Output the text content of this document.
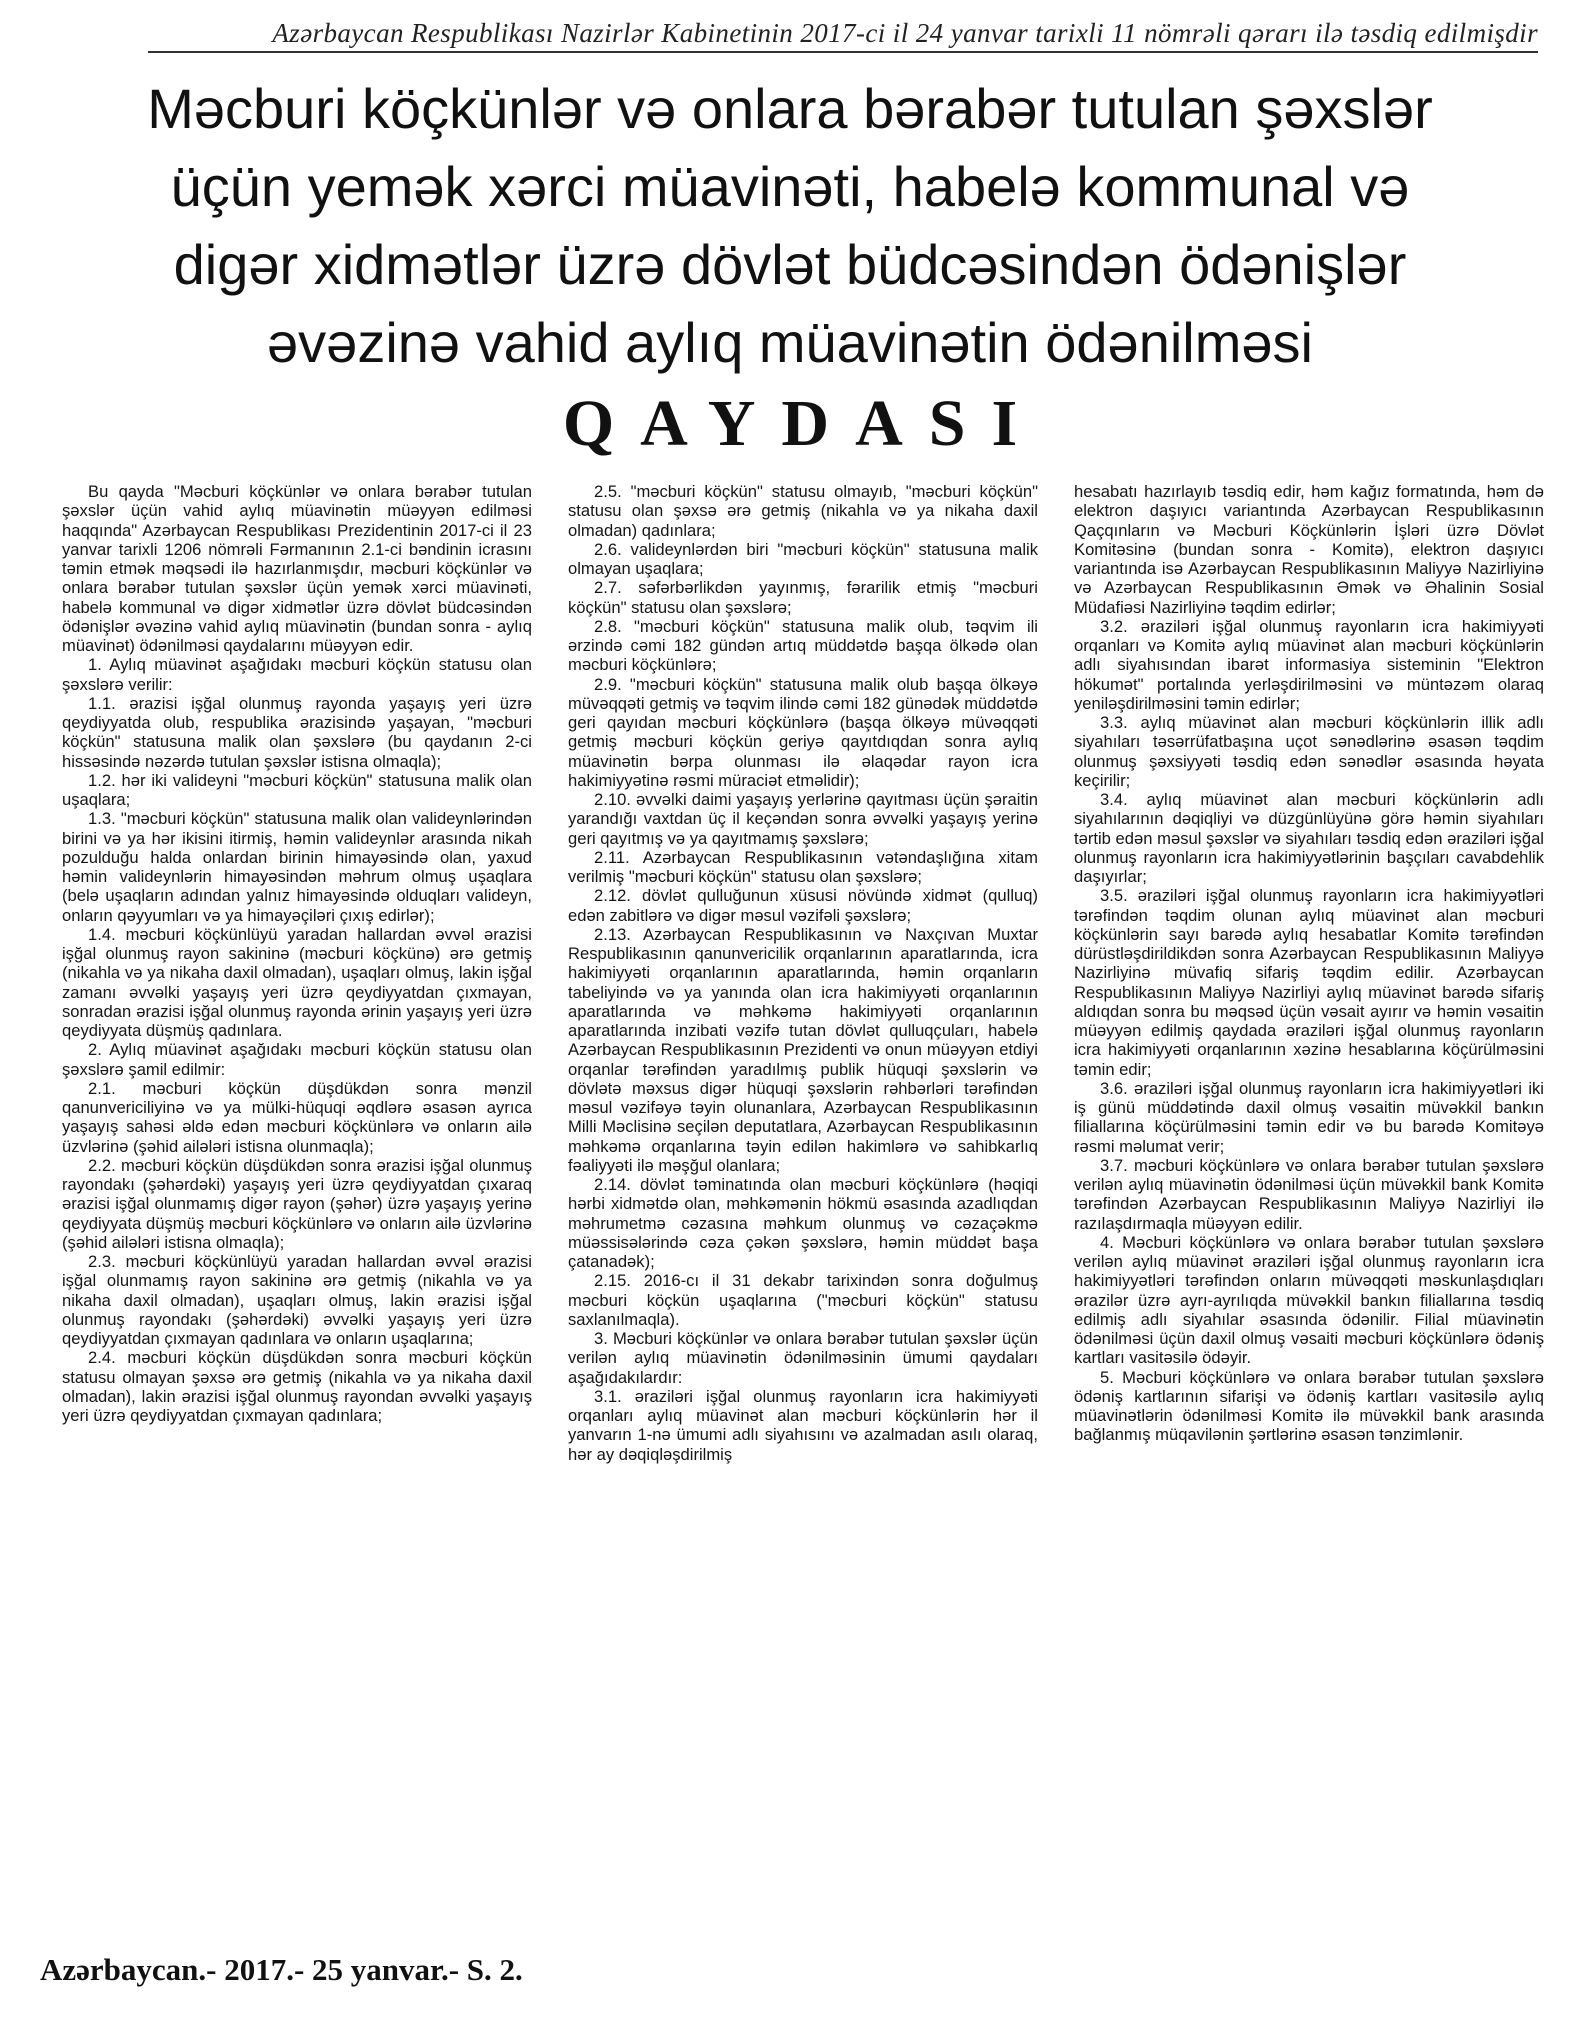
Azərbaycan Respublikası Nazirlər Kabinetinin 2017-ci il 24 yanvar tarixli 11 nömrəli qərarı ilə təsdiq edilmişdir
Məcburi köçkünlər və onlara bərabər tutulan şəxslər
üçün yemək xərci müavinəti, habelə kommunal və
digər xidmətlər üzrə dövlət büdcəsindən ödənişlər
əvəzinə vahid aylıq müavinətin ödənilməsi
QAYDASI

Bu qayda "Məcburi köçkünlər və onlara bərabər tutulan şəxslər üçün vahid aylıq müavinətin müəyyən edilməsi haqqında" Azərbaycan Respublikası Prezidentinin 2017-ci il 23 yanvar tarixli 1206 nömrəli Fərmanının 2.1-ci bəndinin icrasını təmin etmək məqsədi ilə hazırlanmışdır, məcburi köçkünlər və onlara bərabər tutulan şəxslər üçün yemək xərci müavinəti, habelə kommunal və digər xidmətlər üzrə dövlət büdcəsindən ödənişlər əvəzinə vahid aylıq müavinətin (bundan sonra - aylıq müavinət) ödənilməsi qaydalarını müəyyən edir.

1. Aylıq müavinət aşağıdakı məcburi köçkün statusu olan şəxslərə verilir:

1.1. ərazisi işğal olunmuş rayonda yaşayış yeri üzrə qeydiyyatda olub, respublika ərazisində yaşayan, "məcburi köçkün" statusuna malik olan şəxslərə (bu qaydanın 2-ci hissəsində nəzərdə tutulan şəxslər istisna olmaqla);

1.2. hər iki valideyni "məcburi köçkün" statusuna malik olan uşaqlara;

1.3. "məcburi köçkün" statusuna malik olan valideynlərindən birini və ya hər ikisini itirmiş, həmin valideynlər arasında nikah pozulduğu halda onlardan birinin himayəsində olan, yaxud həmin valideynlərin himayəsindən məhrum olmuş uşaqlara (belə uşaqların adından yalnız himayəsində olduqları valideyn, onların qəyyumları və ya himayəçiləri çıxış edirlər);

1.4. məcburi köçkünlüyü yaradan hallardan əvvəl ərazisi işğal olunmuş rayon sakininə (məcburi köçkünə) ərə getmiş (nikahla və ya nikaha daxil olmadan), uşaqları olmuş, lakin işğal zamanı əvvəlki yaşayış yeri üzrə qeydiyyatdan çıxmayan, sonradan ərazisi işğal olunmuş rayonda ərinin yaşayış yeri üzrə qeydiyyata düşmüş qadınlara.

2. Aylıq müavinət aşağıdakı məcburi köçkün statusu olan şəxslərə şamil edilmir:

2.1. məcburi köçkün düşdükdən sonra mənzil qanunvericiliyinə və ya mülki-hüquqi əqdlərə əsasən ayrıca yaşayış sahəsi əldə edən məcburi köçkünlərə və onların ailə üzvlərinə (şəhid ailələri istisna olunmaqla);

2.2. məcburi köçkün düşdükdən sonra ərazisi işğal olunmuş rayondakı (şəhərdəki) yaşayış yeri üzrə qeydiyyatdan çıxaraq ərazisi işğal olunmamış digər rayon (şəhər) üzrə yaşayış yerinə qeydiyyata düşmüş məcburi köçkünlərə və onların ailə üzvlərinə (şəhid ailələri istisna olmaqla);

2.3. məcburi köçkünlüyü yaradan hallardan əvvəl ərazisi işğal olunmamış rayon sakininə ərə getmiş (nikahla və ya nikaha daxil olmadan), uşaqları olmuş, lakin ərazisi işğal olunmuş rayondakı (şəhərdəki) əvvəlki yaşayış yeri üzrə qeydiyyatdan çıxmayan qadınlara və onların uşaqlarına;

2.4. məcburi köçkün düşdükdən sonra məcburi köçkün statusu olmayan şəxsə ərə getmiş (nikahla və ya nikaha daxil olmadan), lakin ərazisi işğal olunmuş rayondan əvvəlki yaşayış yeri üzrə qeydiyyatdan çıxmayan qadınlara;

2.5. "məcburi köçkün" statusu olmayıb, "məcburi köçkün" statusu olan şəxsə ərə getmiş (nikahla və ya nikaha daxil olmadan) qadınlara;

2.6. valideynlərdən biri "məcburi köçkün" statusuna malik olmayan uşaqlara;

2.7. səfərbərlikdən yayınmış, fərarilik etmiş "məcburi köçkün" statusu olan şəxslərə;

2.8. "məcburi köçkün" statusuna malik olub, təqvim ili ərzində cəmi 182 gündən artıq müddətdə başqa ölkədə olan məcburi köçkünlərə;

2.9. "məcburi köçkün" statusuna malik olub başqa ölkəyə müvəqqəti getmiş və təqvim ilində cəmi 182 günədək müddətdə geri qayıdan məcburi köçkünlərə (başqa ölkəyə müvəqqəti getmiş məcburi köçkün geriyə qayıtdıqdan sonra aylıq müavinətin bərpa olunması ilə əlaqədar rayon icra hakimiyyətinə rəsmi müraciət etməlidir);

2.10. əvvəlki daimi yaşayış yerlərinə qayıtması üçün şəraitin yarandığı vaxtdan üç il keçəndən sonra əvvəlki yaşayış yerinə geri qayıtmış və ya qayıtmamış şəxslərə;

2.11. Azərbaycan Respublikasının vətəndaşlığına xitam verilmiş "məcburi köçkün" statusu olan şəxslərə;

2.12. dövlət qulluğunun xüsusi növündə xidmət (qulluq) edən zabitlərə və digər məsul vəzifəli şəxslərə;

2.13. Azərbaycan Respublikasının və Naxçıvan Muxtar Respublikasının qanunvericilik orqanlarının aparatlarında, icra hakimiyyəti orqanlarının aparatlarında, həmin orqanların tabeliyində və ya yanında olan icra hakimiyyəti orqanlarının aparatlarında və məhkəmə hakimiyyəti orqanlarının aparatlarında inzibati vəzifə tutan dövlət qulluqçuları, habelə Azərbaycan Respublikasının Prezidenti və onun müəyyən etdiyi orqanlar tərəfindən yaradılmış publik hüquqi şəxslərin və dövlətə məxsus digər hüquqi şəxslərin rəhbərləri tərəfindən məsul vəzifəyə təyin olunanlara, Azərbaycan Respublikasının Milli Məclisinə seçilən deputatlara, Azərbaycan Respublikasının məhkəmə orqanlarına təyin edilən hakimlərə və sahibkarlıq fəaliyyəti ilə məşğul olanlara;

2.14. dövlət təminatında olan məcburi köçkünlərə (həqiqi hərbi xidmətdə olan, məhkəmənin hökmü əsasında azadlıqdan məhrumetmə cəzasına məhkum olunmuş və cəzaçəkmə müəssisələrində cəza çəkən şəxslərə, həmin müddət başa çatanadək);

2.15. 2016-cı il 31 dekabr tarixindən sonra doğulmuş məcburi köçkün uşaqlarına ("məcburi köçkün" statusu saxlanılmaqla).

3. Məcburi köçkünlər və onlara bərabər tutulan şəxslər üçün verilən aylıq müavinətin ödənilməsinin ümumi qaydaları aşağıdakılardır:

3.1. əraziləri işğal olunmuş rayonların icra hakimiyyəti orqanları aylıq müavinət alan məcburi köçkünlərin hər il yanvarın 1-nə ümumi adlı siyahısını və azalmadan asılı olaraq, hər ay dəqiqləşdirilmiş

hesabatı hazırlayıb təsdiq edir, həm kağız formatında, həm də elektron daşıyıcı variantında Azərbaycan Respublikasının Qaçqınların və Məcburi Köçkünlərin İşləri üzrə Dövlət Komitəsinə (bundan sonra - Komitə), elektron daşıyıcı variantında isə Azərbaycan Respublikasının Maliyyə Nazirliyinə və Azərbaycan Respublikasının Əmək və Əhalinin Sosial Müdafiəsi Nazirliyinə təqdim edirlər;

3.2. əraziləri işğal olunmuş rayonların icra hakimiyyəti orqanları və Komitə aylıq müavinət alan məcburi köçkünlərin adlı siyahısından ibarət informasiya sisteminin "Elektron hökumət" portalında yerləşdirilməsini və müntəzəm olaraq yeniləşdirilməsini təmin edirlər;

3.3. aylıq müavinət alan məcburi köçkünlərin illik adlı siyahıları təsərrüfatbaşına uçot sənədlərinə əsasən təqdim olunmuş şəxsiyyəti təsdiq edən sənədlər əsasında həyata keçirilir;

3.4. aylıq müavinət alan məcburi köçkünlərin adlı siyahılarının dəqiqliyi və düzgünlüyünə görə həmin siyahıları tərtib edən məsul şəxslər və siyahıları təsdiq edən əraziləri işğal olunmuş rayonların icra hakimiyyətlərinin başçıları cavabdehlik daşıyırlar;

3.5. əraziləri işğal olunmuş rayonların icra hakimiyyətləri tərəfindən təqdim olunan aylıq müavinət alan məcburi köçkünlərin sayı barədə aylıq hesabatlar Komitə tərəfindən dürüstləşdirildikdən sonra Azərbaycan Respublikasının Maliyyə Nazirliyinə müvafiq sifariş təqdim edilir. Azərbaycan Respublikasının Maliyyə Nazirliyi aylıq müavinət barədə sifariş aldıqdan sonra bu məqsəd üçün vəsait ayırır və həmin vəsaitin müəyyən edilmiş qaydada əraziləri işğal olunmuş rayonların icra hakimiyyəti orqanlarının xəzinə hesablarına köçürülməsini təmin edir;

3.6. əraziləri işğal olunmuş rayonların icra hakimiyyətləri iki iş günü müddətində daxil olmuş vəsaitin müvəkkil bankın filiallarına köçürülməsini təmin edir və bu barədə Komitəyə rəsmi məlumat verir;

3.7. məcburi köçkünlərə və onlara bərabər tutulan şəxslərə verilən aylıq müavinətin ödənilməsi üçün müvəkkil bank Komitə tərəfindən Azərbaycan Respublikasının Maliyyə Nazirliyi ilə razılaşdırmaqla müəyyən edilir.

4. Məcburi köçkünlərə və onlara bərabər tutulan şəxslərə verilən aylıq müavinət əraziləri işğal olunmuş rayonların icra hakimiyyətləri tərəfindən onların müvəqqəti məskunlaşdıqları ərazilər üzrə ayrı-ayrılıqda müvəkkil bankın filiallarına təsdiq edilmiş adlı siyahılar əsasında ödənilir. Filial müavinətin ödənilməsi üçün daxil olmuş vəsaiti məcburi köçkünlərə ödəniş kartları vasitəsilə ödəyir.

5. Məcburi köçkünlərə və onlara bərabər tutulan şəxslərə ödəniş kartlarının sifarişi və ödəniş kartları vasitəsilə aylıq müavinətlərin ödənilməsi Komitə ilə müvəkkil bank arasında bağlanmış müqavilənin şərtlərinə əsasən tənzimlənir.

Azərbaycan.- 2017.- 25 yanvar.- S. 2.
